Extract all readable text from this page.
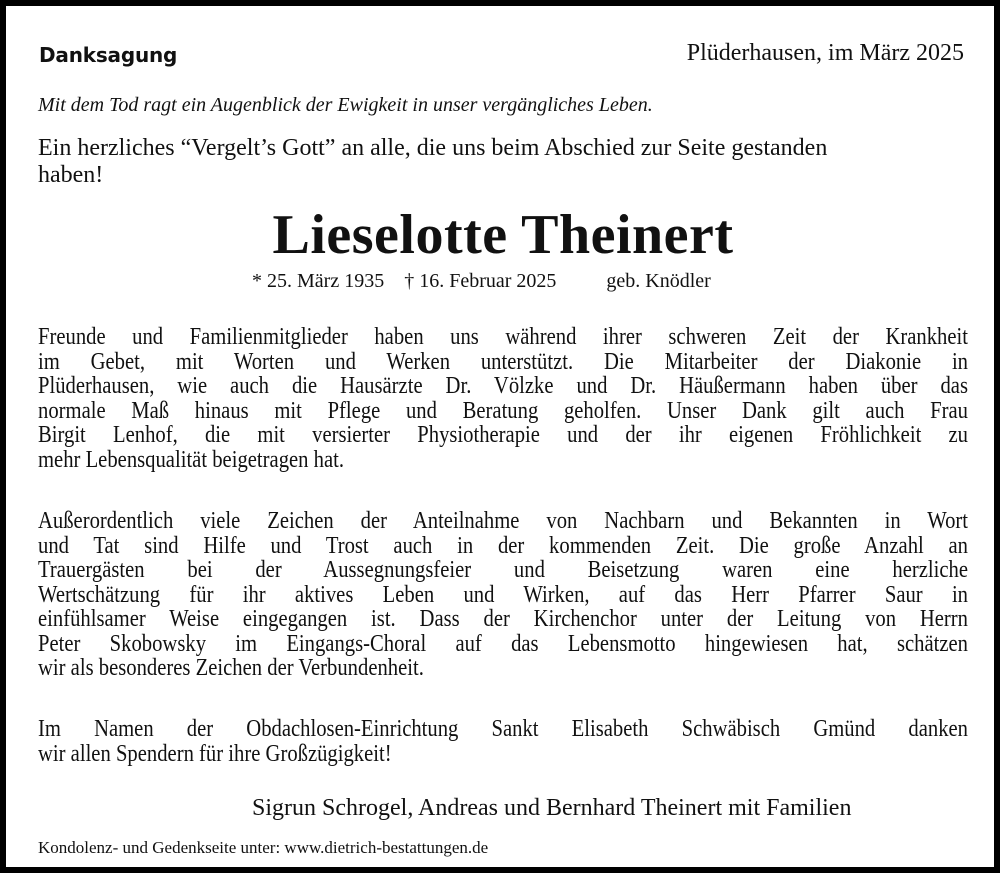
Danksagung	Plüderhausen, im März 2025
Mit dem Tod ragt ein Augenblick der Ewigkeit in unser vergängliches Leben.
Ein herzliches “Vergelt’s Gott” an alle, die uns beim Abschied zur Seite gestanden
haben!
Lieselotte Theinert
* 25. März 1935 † 16. Februar 2025	geb. Knödler
Freunde und Familienmitglieder haben uns während ihrer schweren Zeit der Krankheit
im Gebet, mit Worten und Werken unterstützt. Die Mitarbeiter der Diakonie in
Plüderhausen, wie auch die Hausärzte Dr. Völzke und Dr. Häußermann haben über das
normale Maß hinaus mit Pflege und Beratung geholfen. Unser Dank gilt auch Frau
Birgit Lenhof, die mit versierter Physiotherapie und der ihr eigenen Fröhlichkeit zu
mehr Lebensqualität beigetragen hat.
Außerordentlich viele Zeichen der Anteilnahme von Nachbarn und Bekannten in Wort
und Tat sind Hilfe und Trost auch in der kommenden Zeit. Die große Anzahl an
Trauergästen bei der Aussegnungsfeier und Beisetzung waren eine herzliche
Wertschätzung für ihr aktives Leben und Wirken, auf das Herr Pfarrer Saur in
einfühlsamer Weise eingegangen ist. Dass der Kirchenchor unter der Leitung von Herrn
Peter Skobowsky im Eingangs-Choral auf das Lebensmotto hingewiesen hat, schätzen
wir als besonderes Zeichen der Verbundenheit.
Im Namen der Obdachlosen-Einrichtung Sankt Elisabeth Schwäbisch Gmünd danken
wir allen Spendern für ihre Großzügigkeit!
Sigrun Schrogel, Andreas und Bernhard Theinert mit Familien
Kondolenz- und Gedenkseite unter: www.dietrich-bestattungen.de
